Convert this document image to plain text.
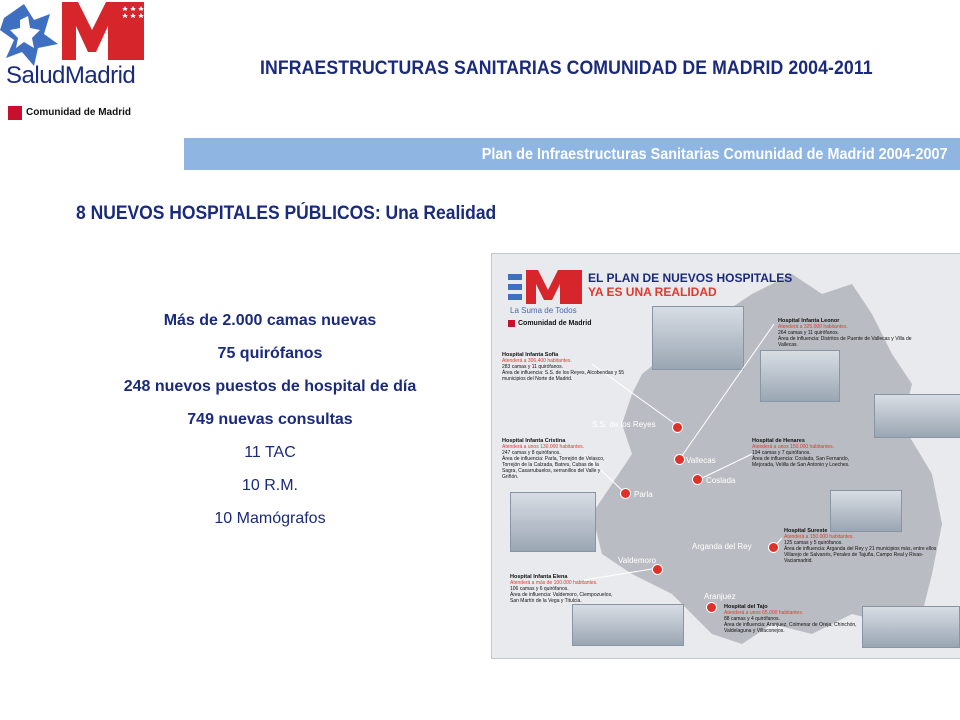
SaludMadrid
Comunidad de Madrid
INFRAESTRUCTURAS SANITARIAS COMUNIDAD DE MADRID 2004-2011
Plan de Infraestructuras Sanitarias Comunidad de Madrid 2004-2007
8 NUEVOS HOSPITALES PÚBLICOS: Una Realidad
Más de 2.000 camas nuevas
75 quirófanos
248 nuevos puestos de hospital de día
749 nuevas consultas
11 TAC
10 R.M.
10 Mamógrafos
La Suma de Todos
Comunidad de Madrid
EL PLAN DE NUEVOS HOSPITALES
YA ES UNA REALIDAD
S.S. de los Reyes
Vallecas
Coslada
Parla
Arganda del Rey
Valdemoro
Aranjuez
Hospital Infanta Sofía
Atenderá a 306.400 habitantes.
283 camas y 11 quirófanos.
Área de influencia: S.S. de los Reyes, Alcobendas y 55 municipios del Norte de Madrid.
Hospital Infanta Leonor
Atenderá a 325.000 habitantes.
264 camas y 11 quirófanos.
Área de influencia: Distritos de Puente de Vallecas y Villa de Vallecas.
Hospital Infanta Cristina
Atenderá a unos 130.000 habitantes.
247 camas y 8 quirófanos.
Área de influencia: Parla, Torrejón de Velasco, Torrejón de la Calzada, Batres, Cubas de la Sagra, Casarrubuelos, serranillos del Valle y Griñón.
Hospital de Henares
Atenderá a unos 150.000 habitantes.
194 camas y 7 quirófanos.
Área de influencia: Coslada, San Fernando, Mejorada, Velilla de San Antonio y Loeches.
Hospital Sureste
Atenderá a 150.000 habitantes.
125 camas y 5 quirófanos.
Área de influencia: Arganda del Rey y 21 municipios más, entre ellos Villarejo de Salvanés, Perales de Tajuña, Campo Real y Rivas-Vaciamadrid.
Hospital Infanta Elena
Atenderá a más de 100.000 habitantes.
106 camas y 6 quirófanos.
Área de influencia: Valdemoro, Ciempozuelos, San Martín de la Vega y Titulcia.
Hospital del Tajo
Atenderá a unos 65.000 habitantes.
88 camas y 4 quirófanos.
Área de influencia: Aranjuez, Colmenar de Oreja, Chinchón, Valdelaguna y Villaconejos.
